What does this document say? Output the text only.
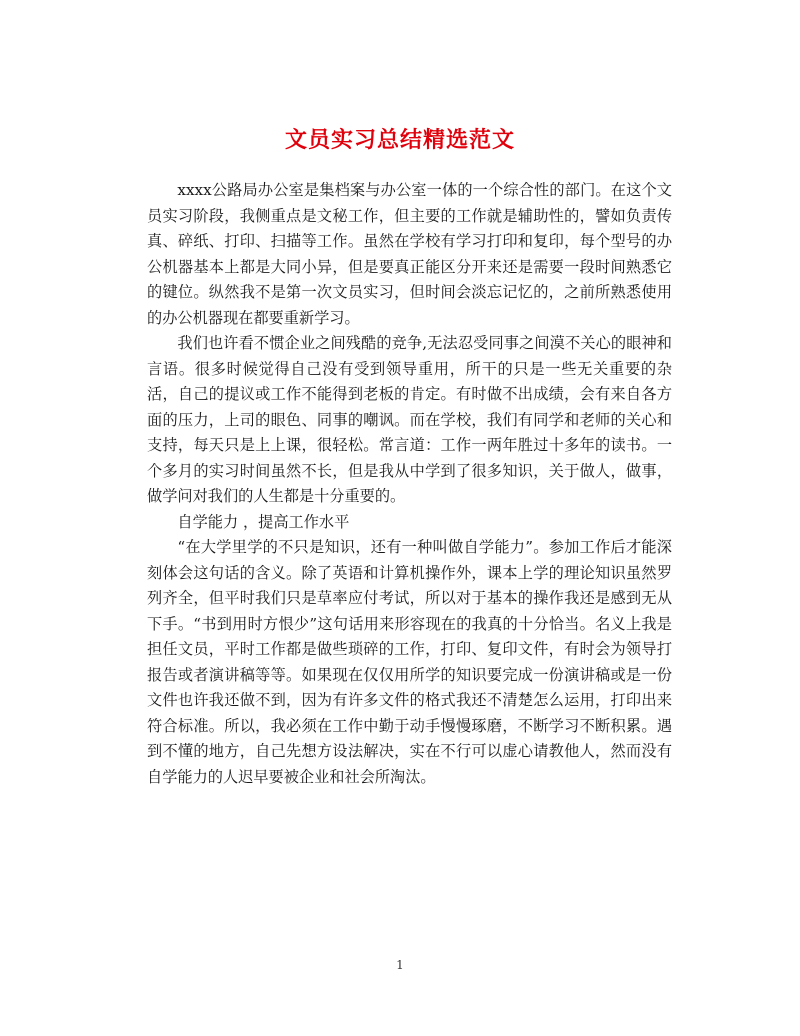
文员实习总结精选范文

xxxx公路局办公室是集档案与办公室一体的一个综合性的部门。在这个文员实习阶段，我侧重点是文秘工作，但主要的工作就是辅助性的，譬如负责传真、碎纸、打印、扫描等工作。虽然在学校有学习打印和复印，每个型号的办公机器基本上都是大同小异，但是要真正能区分开来还是需要一段时间熟悉它的键位。纵然我不是第一次文员实习，但时间会淡忘记忆的，之前所熟悉使用的办公机器现在都要重新学习。

我们也许看不惯企业之间残酷的竞争,无法忍受同事之间漠不关心的眼神和言语。很多时候觉得自己没有受到领导重用，所干的只是一些无关重要的杂活，自己的提议或工作不能得到老板的肯定。有时做不出成绩，会有来自各方面的压力，上司的眼色、同事的嘲讽。而在学校，我们有同学和老师的关心和支持，每天只是上上课，很轻松。常言道：工作一两年胜过十多年的读书。一个多月的实习时间虽然不长，但是我从中学到了很多知识，关于做人，做事，做学问对我们的人生都是十分重要的。

自学能力 ，提高工作水平

“在大学里学的不只是知识，还有一种叫做自学能力”。参加工作后才能深刻体会这句话的含义。除了英语和计算机操作外，课本上学的理论知识虽然罗列齐全，但平时我们只是草率应付考试，所以对于基本的操作我还是感到无从下手。“书到用时方恨少”这句话用来形容现在的我真的十分恰当。名义上我是担任文员，平时工作都是做些琐碎的工作，打印、复印文件，有时会为领导打报告或者演讲稿等等。如果现在仅仅用所学的知识要完成一份演讲稿或是一份文件也许我还做不到，因为有许多文件的格式我还不清楚怎么运用，打印出来符合标准。所以，我必须在工作中勤于动手慢慢琢磨，不断学习不断积累。遇到不懂的地方，自己先想方设法解决，实在不行可以虚心请教他人，然而没有自学能力的人迟早要被企业和社会所淘汰。

1
